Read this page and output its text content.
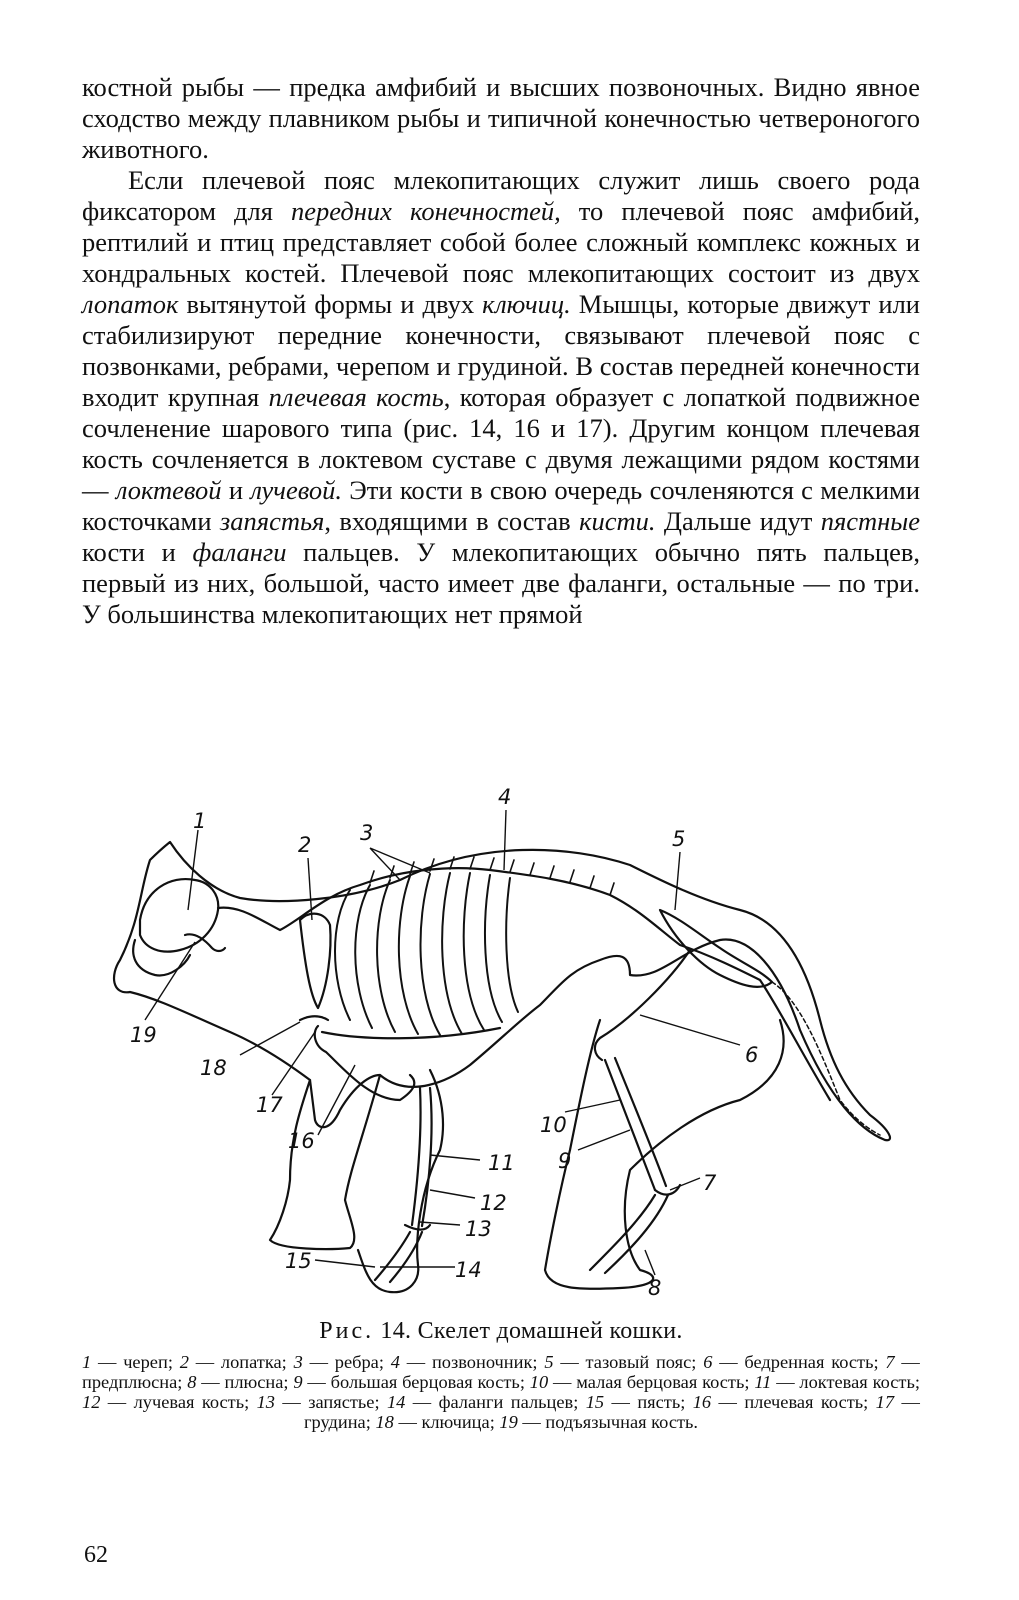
костной рыбы — предка амфибий и высших позвоночных. Видно явное сходство между плавником рыбы и типичной конечностью четвероногого животного.

Если плечевой пояс млекопитающих служит лишь своего рода фиксатором для передних конечностей, то плечевой пояс амфибий, рептилий и птиц представляет собой более сложный комплекс кожных и хондральных костей. Плечевой пояс млекопитающих состоит из двух лопаток вытянутой формы и двух ключиц. Мышцы, которые движут или стабилизируют передние конечности, связывают плечевой пояс с позвонками, ребрами, черепом и грудиной. В состав передней конечности входит крупная плечевая кость, которая образует с лопаткой подвижное сочленение шарового типа (рис. 14, 16 и 17). Другим концом плечевая кость сочленяется в локтевом суставе с двумя лежащими рядом костями — локтевой и лучевой. Эти кости в свою очередь сочленяются с мелкими косточками запястья, входящими в состав кисти. Дальше идут пястные кости и фаланги пальцев. У млекопитающих обычно пять пальцев, первый из них, большой, часто имеет две фаланги, остальные — по три. У большинства млекопитающих нет прямой

1
2 3
4
5
6
7
8
9
10
11
12
13
14
15
16
17
18
19
Рис. 14. Скелет домашней кошки.
1 — череп; 2 — лопатка; 3 — ребра; 4 — позвоночник; 5 — тазовый пояс; 6 — бедренная кость; 7 — предплюсна; 8 — плюсна; 9 — большая берцовая кость; 10 — малая берцовая кость; 11 — локтевая кость; 12 — лучевая кость; 13 — запястье; 14 — фаланги пальцев; 15 — пясть; 16 — плечевая кость; 17 — грудина; 18 — ключица; 19 — подъязычная кость.
62
